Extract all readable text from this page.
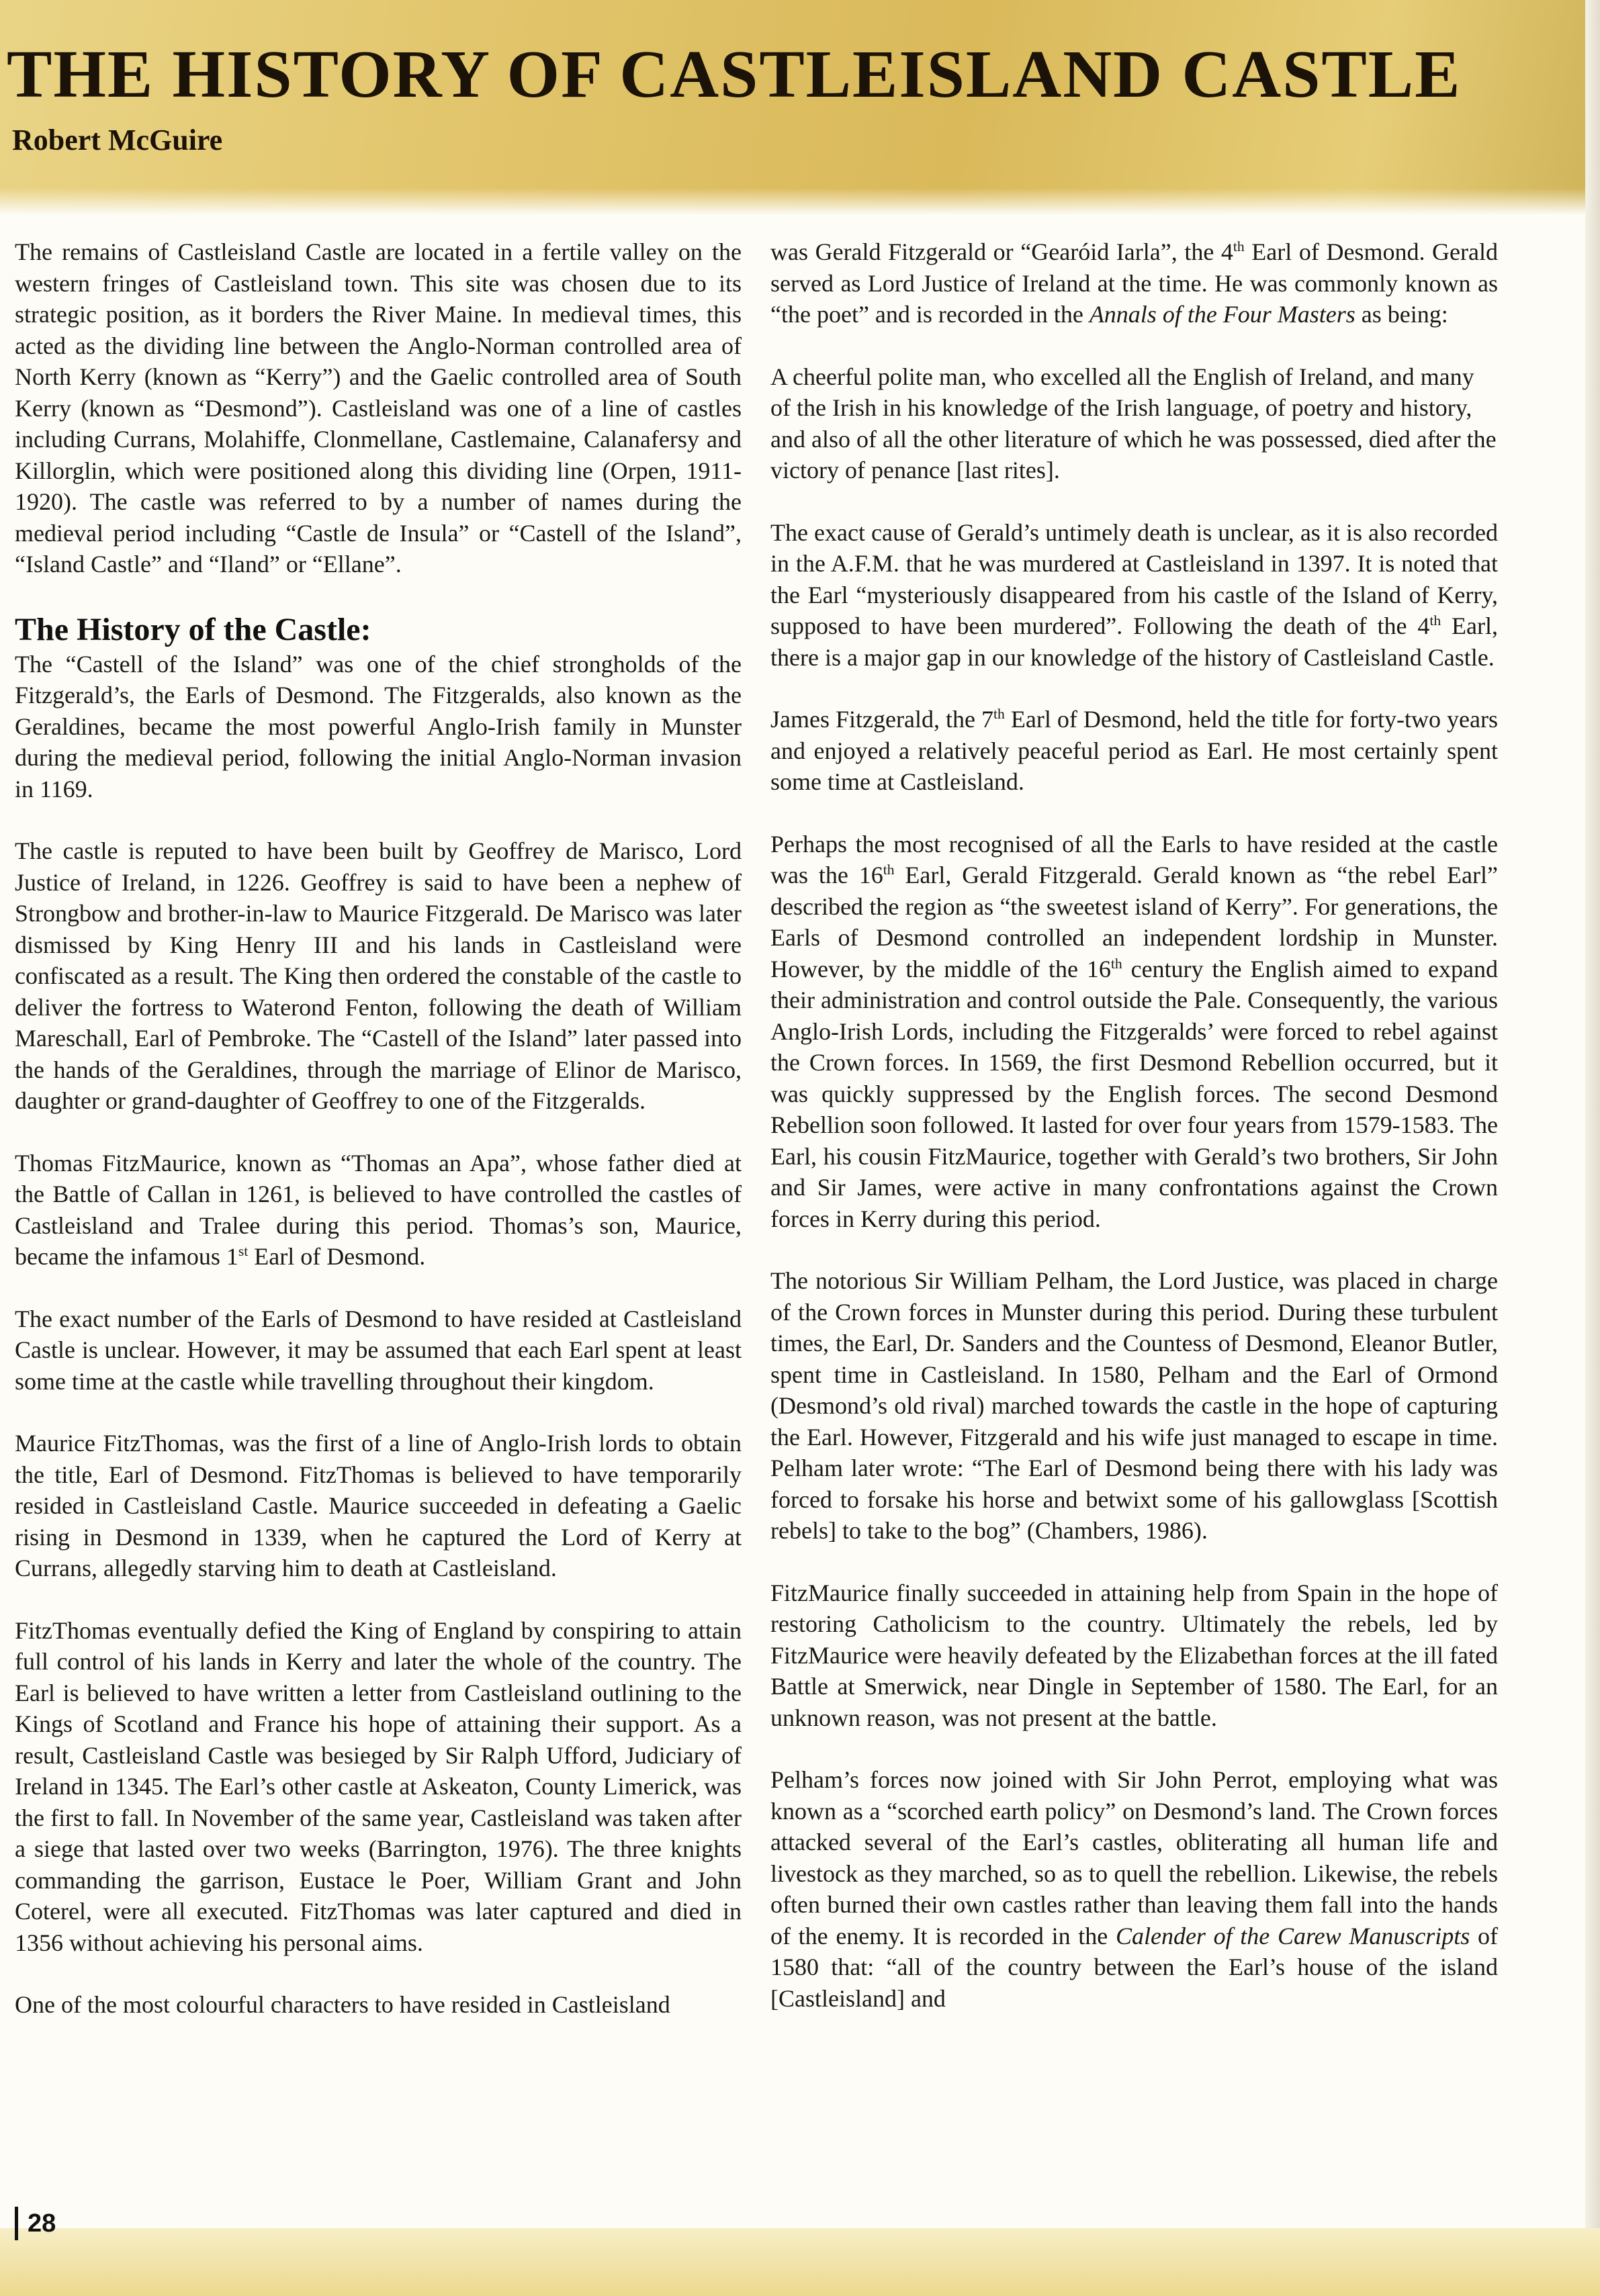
THE HISTORY OF CASTLEISLAND CASTLE
Robert McGuire

The remains of Castleisland Castle are located in a fertile valley on the western fringes of Castleisland town. This site was chosen due to its strategic position, as it borders the River Maine. In medieval times, this acted as the dividing line between the Anglo-Norman controlled area of North Kerry (known as “Kerry”) and the Gaelic controlled area of South Kerry (known as “Desmond”). Castleisland was one of a line of castles including Currans, Molahiffe, Clonmellane, Castlemaine, Calanafersy and Killorglin, which were positioned along this dividing line (Orpen, 1911-1920). The castle was referred to by a number of names during the medieval period including “Castle de Insula” or “Castell of the Island”, “Island Castle” and “Iland” or “Ellane”.

The History of the Castle:

The “Castell of the Island” was one of the chief strongholds of the Fitzgerald’s, the Earls of Desmond. The Fitzgeralds, also known as the Geraldines, became the most powerful Anglo-Irish family in Munster during the medieval period, following the initial Anglo-Norman invasion in 1169.

The castle is reputed to have been built by Geoffrey de Marisco, Lord Justice of Ireland, in 1226. Geoffrey is said to have been a nephew of Strongbow and brother-in-law to Maurice Fitzgerald. De Marisco was later dismissed by King Henry III and his lands in Castleisland were confiscated as a result. The King then ordered the constable of the castle to deliver the fortress to Waterond Fenton, following the death of William Mareschall, Earl of Pembroke. The “Castell of the Island” later passed into the hands of the Geraldines, through the marriage of Elinor de Marisco, daughter or grand-daughter of Geoffrey to one of the Fitzgeralds.

Thomas FitzMaurice, known as “Thomas an Apa”, whose father died at the Battle of Callan in 1261, is believed to have controlled the castles of Castleisland and Tralee during this period. Thomas’s son, Maurice, became the infamous 1st Earl of Desmond.

The exact number of the Earls of Desmond to have resided at Castleisland Castle is unclear. However, it may be assumed that each Earl spent at least some time at the castle while travelling throughout their kingdom.

Maurice FitzThomas, was the first of a line of Anglo-Irish lords to obtain the title, Earl of Desmond. FitzThomas is believed to have temporarily resided in Castleisland Castle. Maurice succeeded in defeating a Gaelic rising in Desmond in 1339, when he captured the Lord of Kerry at Currans, allegedly starving him to death at Castleisland.

FitzThomas eventually defied the King of England by conspiring to attain full control of his lands in Kerry and later the whole of the country. The Earl is believed to have written a letter from Castleisland outlining to the Kings of Scotland and France his hope of attaining their support. As a result, Castleisland Castle was besieged by Sir Ralph Ufford, Judiciary of Ireland in 1345. The Earl’s other castle at Askeaton, County Limerick, was the first to fall. In November of the same year, Castleisland was taken after a siege that lasted over two weeks (Barrington, 1976). The three knights commanding the garrison, Eustace le Poer, William Grant and John Coterel, were all executed. FitzThomas was later captured and died in 1356 without achieving his personal aims.

One of the most colourful characters to have resided in Castleisland

was Gerald Fitzgerald or “Gearóid Iarla”, the 4th Earl of Desmond. Gerald served as Lord Justice of Ireland at the time. He was commonly known as “the poet” and is recorded in the Annals of the Four Masters as being:

A cheerful polite man, who excelled all the English of Ireland, and many of the Irish in his knowledge of the Irish language, of poetry and history, and also of all the other literature of which he was possessed, died after the victory of penance [last rites].

The exact cause of Gerald’s untimely death is unclear, as it is also recorded in the A.F.M. that he was murdered at Castleisland in 1397. It is noted that the Earl “mysteriously disappeared from his castle of the Island of Kerry, supposed to have been murdered”. Following the death of the 4th Earl, there is a major gap in our knowledge of the history of Castleisland Castle.

James Fitzgerald, the 7th Earl of Desmond, held the title for forty-two years and enjoyed a relatively peaceful period as Earl. He most certainly spent some time at Castleisland.

Perhaps the most recognised of all the Earls to have resided at the castle was the 16th Earl, Gerald Fitzgerald. Gerald known as “the rebel Earl” described the region as “the sweetest island of Kerry”. For generations, the Earls of Desmond controlled an independent lordship in Munster. However, by the middle of the 16th century the English aimed to expand their administration and control outside the Pale. Consequently, the various Anglo-Irish Lords, including the Fitzgeralds’ were forced to rebel against the Crown forces. In 1569, the first Desmond Rebellion occurred, but it was quickly suppressed by the English forces. The second Desmond Rebellion soon followed. It lasted for over four years from 1579-1583. The Earl, his cousin FitzMaurice, together with Gerald’s two brothers, Sir John and Sir James, were active in many confrontations against the Crown forces in Kerry during this period.

The notorious Sir William Pelham, the Lord Justice, was placed in charge of the Crown forces in Munster during this period. During these turbulent times, the Earl, Dr. Sanders and the Countess of Desmond, Eleanor Butler, spent time in Castleisland. In 1580, Pelham and the Earl of Ormond (Desmond’s old rival) marched towards the castle in the hope of capturing the Earl. However, Fitzgerald and his wife just managed to escape in time. Pelham later wrote: “The Earl of Desmond being there with his lady was forced to forsake his horse and betwixt some of his gallowglass [Scottish rebels] to take to the bog” (Chambers, 1986).

FitzMaurice finally succeeded in attaining help from Spain in the hope of restoring Catholicism to the country. Ultimately the rebels, led by FitzMaurice were heavily defeated by the Elizabethan forces at the ill fated Battle at Smerwick, near Dingle in September of 1580. The Earl, for an unknown reason, was not present at the battle.

Pelham’s forces now joined with Sir John Perrot, employing what was known as a “scorched earth policy” on Desmond’s land. The Crown forces attacked several of the Earl’s castles, obliterating all human life and livestock as they marched, so as to quell the rebellion. Likewise, the rebels often burned their own castles rather than leaving them fall into the hands of the enemy. It is recorded in the Calender of the Carew Manuscripts of 1580 that: “all of the country between the Earl’s house of the island [Castleisland] and

28
